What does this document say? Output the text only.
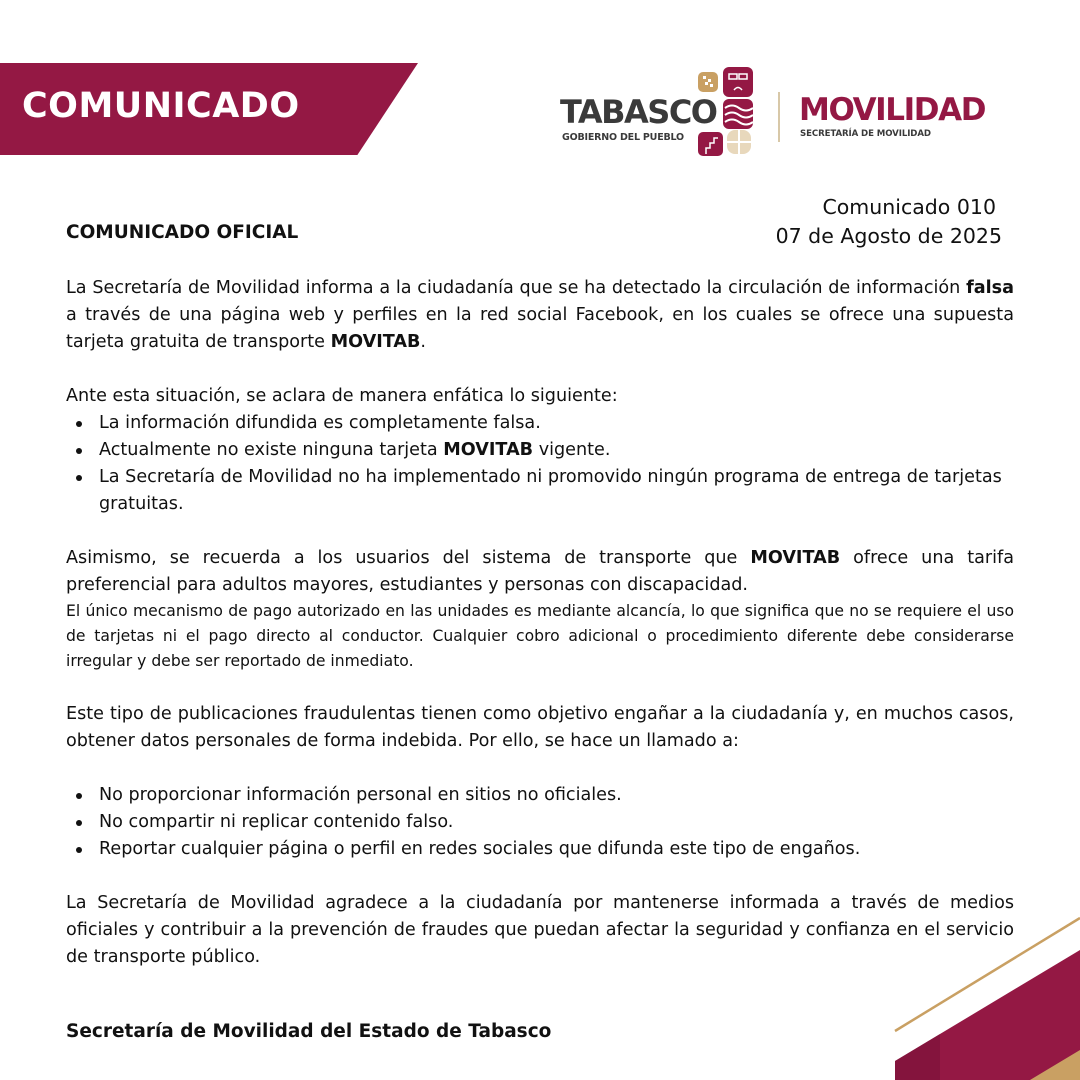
COMUNICADO	TABASCO
GOBIERNO DEL PUEBLO
MOVILIDAD
SECRETARÍA DE MOVILIDAD
COMUNICADO OFICIAL
Comunicado 010
07 de Agosto de 2025

La Secretaría de Movilidad informa a la ciudadanía que se ha detectado la circulación de información falsa a través de una página web y perfiles en la red social Facebook, en los cuales se ofrece una supuesta tarjeta gratuita de transporte MOVITAB.

Ante esta situación, se aclara de manera enfática lo siguiente:

La información difundida es completamente falsa.
Actualmente no existe ninguna tarjeta MOVITAB vigente.
La Secretaría de Movilidad no ha implementado ni promovido ningún programa de entrega de tarjetas gratuitas.

Asimismo, se recuerda a los usuarios del sistema de transporte que MOVITAB ofrece una tarifa preferencial para adultos mayores, estudiantes y personas con discapacidad.

El único mecanismo de pago autorizado en las unidades es mediante alcancía, lo que significa que no se requiere el uso de tarjetas ni el pago directo al conductor. Cualquier cobro adicional o procedimiento diferente debe considerarse irregular y debe ser reportado de inmediato.

Este tipo de publicaciones fraudulentas tienen como objetivo engañar a la ciudadanía y, en muchos casos, obtener datos personales de forma indebida. Por ello, se hace un llamado a:

No proporcionar información personal en sitios no oficiales.
No compartir ni replicar contenido falso.
Reportar cualquier página o perfil en redes sociales que difunda este tipo de engaños.

La Secretaría de Movilidad agradece a la ciudadanía por mantenerse informada a través de medios oficiales y contribuir a la prevención de fraudes que puedan afectar la seguridad y confianza en el servicio de transporte público.

Secretaría de Movilidad del Estado de Tabasco
